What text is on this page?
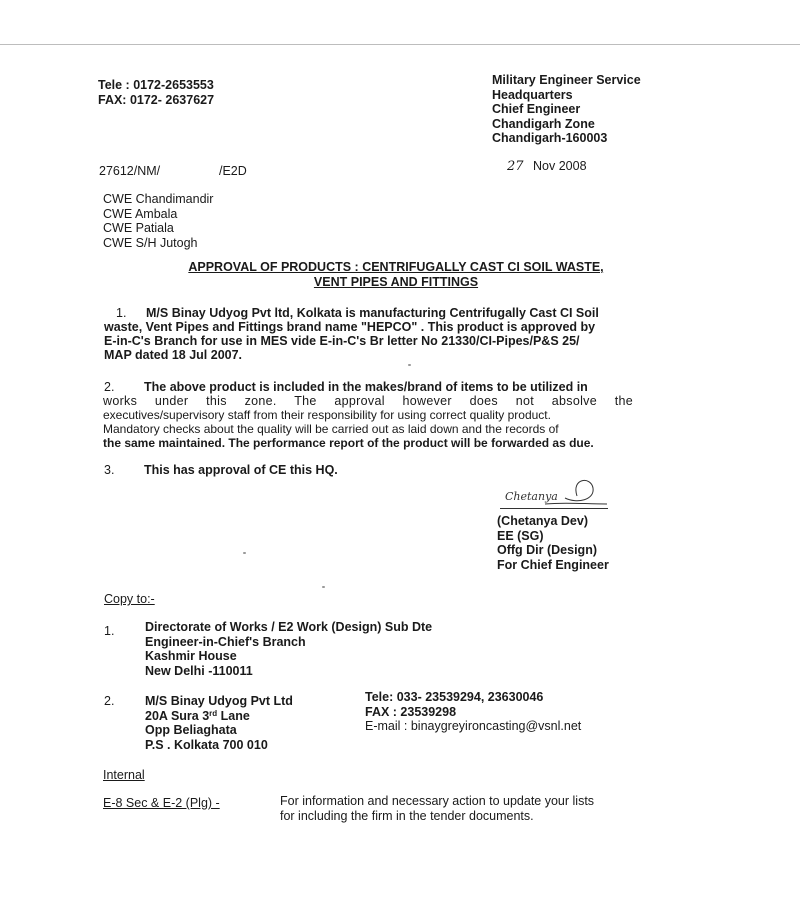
Tele : 0172-2653553
FAX: 0172- 2637627
Military Engineer Service
Headquarters
Chief Engineer
Chandigarh Zone
Chandigarh-160003
27612/NM/	/E2D	27 Nov 2008
CWE Chandimandir
CWE Ambala
CWE Patiala
CWE S/H Jutogh
APPROVAL OF PRODUCTS : CENTRIFUGALLY CAST CI SOIL WASTE,
VENT PIPES AND FITTINGS
1. M/S Binay Udyog Pvt ltd, Kolkata is manufacturing Centrifugally Cast CI Soil
waste, Vent Pipes and Fittings brand name "HEPCO" . This product is approved by
E-in-C's Branch for use in MES vide E-in-C's Br letter No 21330/CI-Pipes/P&S 25/
MAP dated 18 Jul 2007.
2. The above product is included in the makes/brand of items to be utilized in
works under this zone. The approval however does not absolve the
executives/supervisory staff from their responsibility for using correct quality product.
Mandatory checks about the quality will be carried out as laid down and the records of
the same maintained. The performance report of the product will be forwarded as due.
3. This has approval of CE this HQ.
Chetanya
(Chetanya Dev)
EE (SG)
Offg Dir (Design)
For Chief Engineer
Copy to:-
1. Directorate of Works / E2 Work (Design) Sub Dte
Engineer-in-Chief's Branch
Kashmir House
New Delhi -110011
2. M/S Binay Udyog Pvt Ltd
20A Sura 3rd Lane
Opp Beliaghata
P.S . Kolkata 700 010
Tele: 033- 23539294, 23630046
FAX : 23539298
E-mail : binaygreyironcasting@vsnl.net
Internal
E-8 Sec & E-2 (Plg) -	For information and necessary action to update your lists
for including the firm in the tender documents.
